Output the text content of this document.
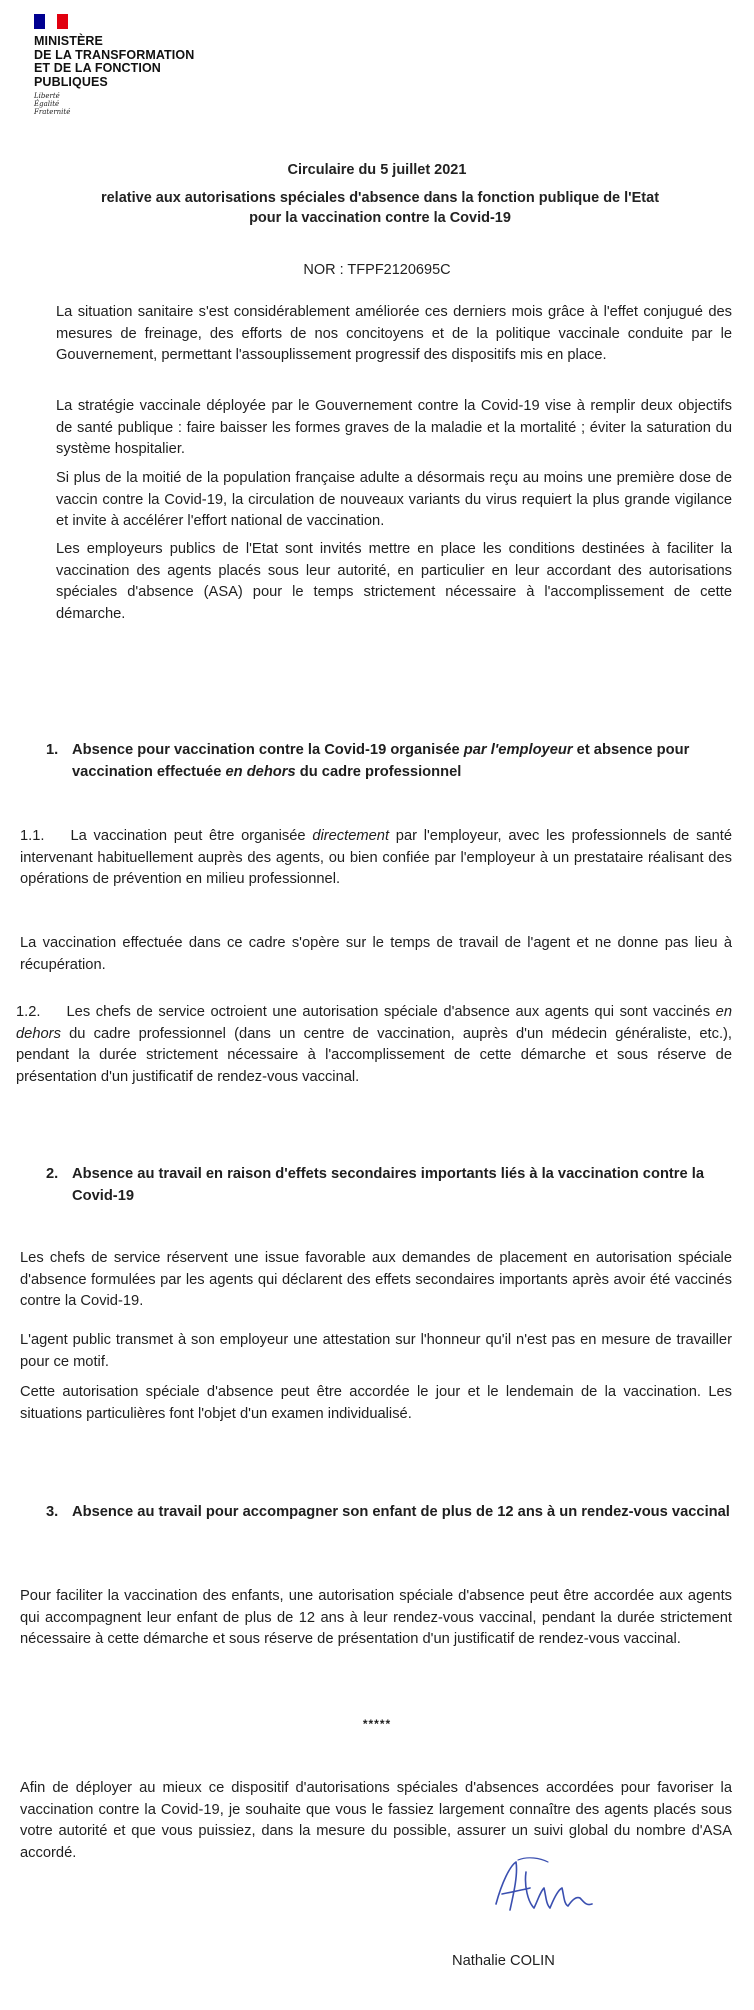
MINISTÈRE
DE LA TRANSFORMATION
ET DE LA FONCTION
PUBLIQUES
Liberté
Égalité
Fraternité
Circulaire du 5 juillet 2021
relative aux autorisations spéciales d'absence dans la fonction publique de l'Etat pour la vaccination contre la Covid-19
NOR : TFPF2120695C
La situation sanitaire s'est considérablement améliorée ces derniers mois grâce à l'effet conjugué des mesures de freinage, des efforts de nos concitoyens et de la politique vaccinale conduite par le Gouvernement, permettant l'assouplissement progressif des dispositifs mis en place.
La stratégie vaccinale déployée par le Gouvernement contre la Covid-19 vise à remplir deux objectifs de santé publique : faire baisser les formes graves de la maladie et la mortalité ; éviter la saturation du système hospitalier.
Si plus de la moitié de la population française adulte a désormais reçu au moins une première dose de vaccin contre la Covid-19, la circulation de nouveaux variants du virus requiert la plus grande vigilance et invite à accélérer l'effort national de vaccination.
Les employeurs publics de l'Etat sont invités mettre en place les conditions destinées à faciliter la vaccination des agents placés sous leur autorité, en particulier en leur accordant des autorisations spéciales d'absence (ASA) pour le temps strictement nécessaire à l'accomplissement de cette démarche.
1. Absence pour vaccination contre la Covid-19 organisée par l'employeur et absence pour vaccination effectuée en dehors du cadre professionnel
1.1. La vaccination peut être organisée directement par l'employeur, avec les professionnels de santé intervenant habituellement auprès des agents, ou bien confiée par l'employeur à un prestataire réalisant des opérations de prévention en milieu professionnel.
La vaccination effectuée dans ce cadre s'opère sur le temps de travail de l'agent et ne donne pas lieu à récupération.
1.2. Les chefs de service octroient une autorisation spéciale d'absence aux agents qui sont vaccinés en dehors du cadre professionnel (dans un centre de vaccination, auprès d'un médecin généraliste, etc.), pendant la durée strictement nécessaire à l'accomplissement de cette démarche et sous réserve de présentation d'un justificatif de rendez-vous vaccinal.
2. Absence au travail en raison d'effets secondaires importants liés à la vaccination contre la Covid-19
Les chefs de service réservent une issue favorable aux demandes de placement en autorisation spéciale d'absence formulées par les agents qui déclarent des effets secondaires importants après avoir été vaccinés contre la Covid-19.
L'agent public transmet à son employeur une attestation sur l'honneur qu'il n'est pas en mesure de travailler pour ce motif.
Cette autorisation spéciale d'absence peut être accordée le jour et le lendemain de la vaccination. Les situations particulières font l'objet d'un examen individualisé.
3. Absence au travail pour accompagner son enfant de plus de 12 ans à un rendez-vous vaccinal
Pour faciliter la vaccination des enfants, une autorisation spéciale d'absence peut être accordée aux agents qui accompagnent leur enfant de plus de 12 ans à leur rendez-vous vaccinal, pendant la durée strictement nécessaire à cette démarche et sous réserve de présentation d'un justificatif de rendez-vous vaccinal.
*****
Afin de déployer au mieux ce dispositif d'autorisations spéciales d'absences accordées pour favoriser la vaccination contre la Covid-19, je souhaite que vous le fassiez largement connaître des agents placés sous votre autorité et que vous puissiez, dans la mesure du possible, assurer un suivi global du nombre d'ASA accordé.
Nathalie COLIN
